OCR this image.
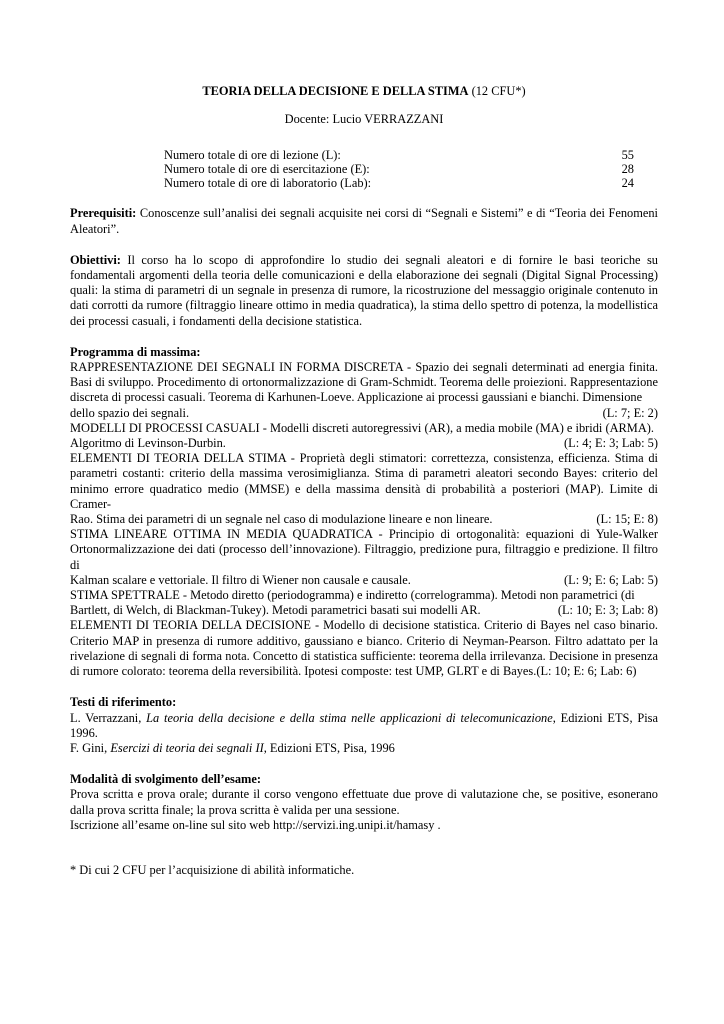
TEORIA DELLA DECISIONE E DELLA STIMA (12 CFU*)
Docente: Lucio VERRAZZANI
Numero totale di ore di lezione (L):	55
Numero totale di ore di esercitazione (E):	28
Numero totale di ore di laboratorio (Lab):	24
Prerequisiti: Conoscenze sull’analisi dei segnali acquisite nei corsi di “Segnali e Sistemi” e di “Teoria dei Fenomeni Aleatori”.
Obiettivi: Il corso ha lo scopo di approfondire lo studio dei segnali aleatori e di fornire le basi teoriche su fondamentali argomenti della teoria delle comunicazioni e della elaborazione dei segnali (Digital Signal Processing) quali: la stima di parametri di un segnale in presenza di rumore, la ricostruzione del messaggio originale contenuto in dati corrotti da rumore (filtraggio lineare ottimo in media quadratica), la stima dello spettro di potenza, la modellistica dei processi casuali, i fondamenti della decisione statistica.
Programma di massima:

RAPPRESENTAZIONE DEI SEGNALI IN FORMA DISCRETA - Spazio dei segnali determinati ad energia finita. Basi di sviluppo. Procedimento di ortonormalizzazione di Gram-Schmidt. Teorema delle proiezioni. Rappresentazione discreta di processi casuali. Teorema di Karhunen-Loeve. Applicazione ai processi gaussiani e bianchi. Dimensione

dello spazio dei segnali.	(L: 7; E: 2)

MODELLI DI PROCESSI CASUALI - Modelli discreti autoregressivi (AR), a media mobile (MA) e ibridi (ARMA).

Algoritmo di Levinson-Durbin.	(L: 4; E: 3; Lab: 5)

ELEMENTI DI TEORIA DELLA STIMA - Proprietà degli stimatori: correttezza, consistenza, efficienza. Stima di parametri costanti: criterio della massima verosimiglianza. Stima di parametri aleatori secondo Bayes: criterio del minimo errore quadratico medio (MMSE) e della massima densità di probabilità a posteriori (MAP). Limite di Cramer-

Rao. Stima dei parametri di un segnale nel caso di modulazione lineare e non lineare.	(L: 15; E: 8)

STIMA LINEARE OTTIMA IN MEDIA QUADRATICA - Principio di ortogonalità: equazioni di Yule-Walker Ortonormalizzazione dei dati (processo dell’innovazione). Filtraggio, predizione pura, filtraggio e predizione. Il filtro di

Kalman scalare e vettoriale. Il filtro di Wiener non causale e causale.	(L: 9; E: 6; Lab: 5)

STIMA SPETTRALE - Metodo diretto (periodogramma) e indiretto (correlogramma). Metodi non parametrici (di

Bartlett, di Welch, di Blackman-Tukey). Metodi parametrici basati sui modelli AR.	(L: 10; E: 3; Lab: 8)

ELEMENTI DI TEORIA DELLA DECISIONE - Modello di decisione statistica. Criterio di Bayes nel caso binario. Criterio MAP in presenza di rumore additivo, gaussiano e bianco. Criterio di Neyman-Pearson. Filtro adattato per la rivelazione di segnali di forma nota. Concetto di statistica sufficiente: teorema della irrilevanza. Decisione in presenza di rumore colorato: teorema della reversibilità. Ipotesi composte: test UMP, GLRT e di Bayes.(L: 10; E: 6; Lab: 6)

Testi di riferimento:

L. Verrazzani, La teoria della decisione e della stima nelle applicazioni di telecomunicazione, Edizioni ETS, Pisa 1996.

F. Gini, Esercizi di teoria dei segnali II, Edizioni ETS, Pisa, 1996

Modalità di svolgimento dell’esame:

Prova scritta e prova orale; durante il corso vengono effettuate due prove di valutazione che, se positive, esonerano dalla prova scritta finale; la prova scritta è valida per una sessione.

Iscrizione all’esame on-line sul sito web http://servizi.ing.unipi.it/hamasy .

* Di cui 2 CFU per l’acquisizione di abilità informatiche.
